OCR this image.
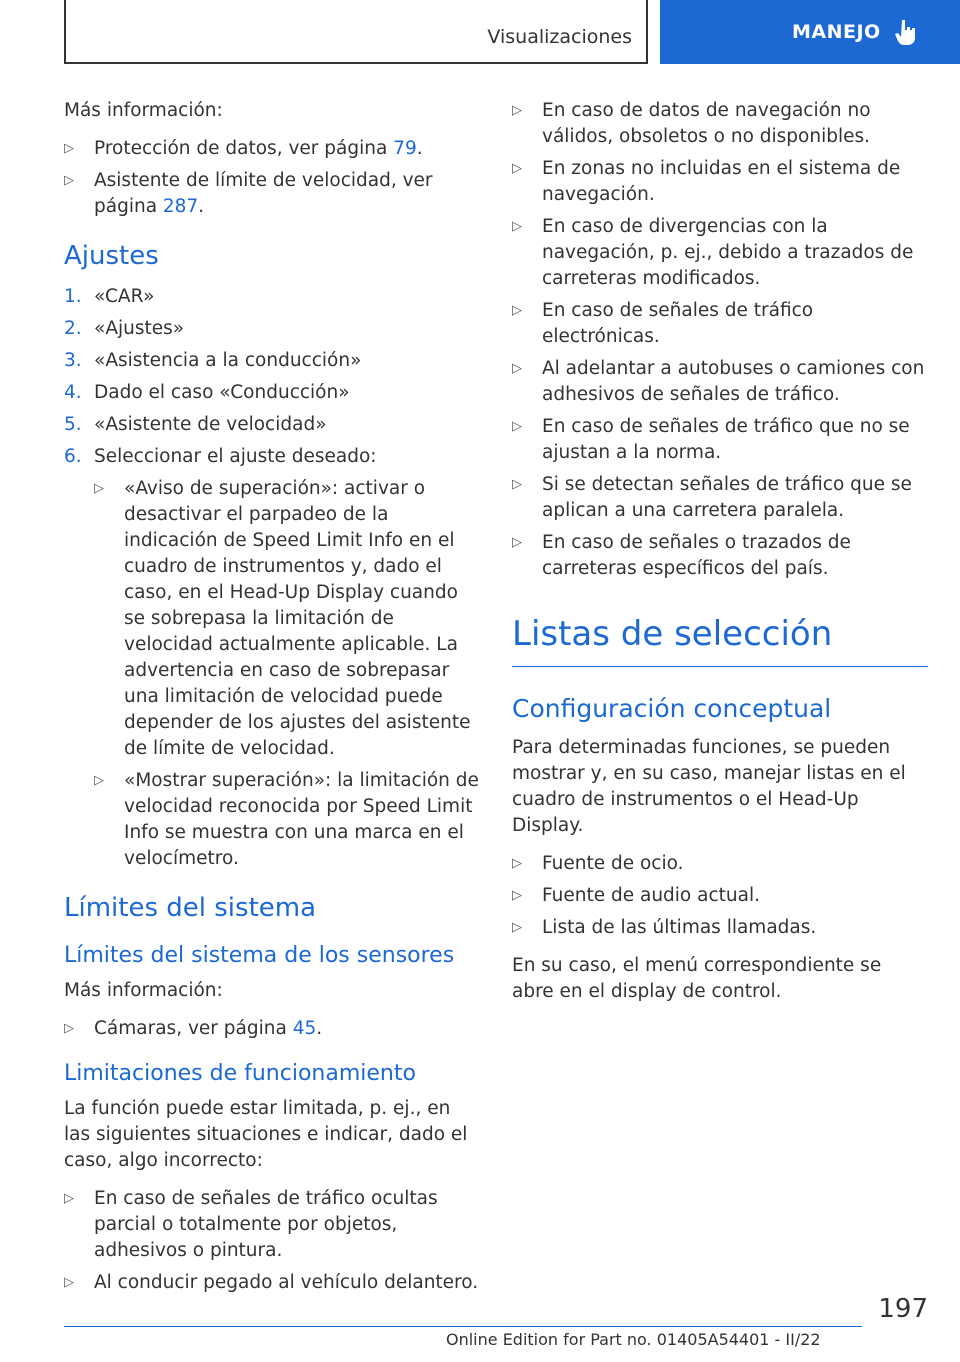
Visualizaciones	MANEJO

Más información:

▷ Protección de datos, ver página 79.
▷ Asistente de límite de velocidad, ver página 287.
Ajustes
1. «CAR»
2. «Ajustes»
3. «Asistencia a la conducción»
4. Dado el caso «Conducción»
5. «Asistente de velocidad»
6. Seleccionar el ajuste deseado:
▷ «Aviso de superación»: activar o desactivar el parpadeo de la indicación de Speed Limit Info en el cuadro de instrumentos y, dado el caso, en el Head-Up Display cuando se sobrepasa la limitación de velocidad actualmente aplicable. La advertencia en caso de sobrepasar una limitación de velocidad puede depender de los ajustes del asistente de límite de velocidad.
▷ «Mostrar superación»: la limitación de velocidad reconocida por Speed Limit Info se muestra con una marca en el velocímetro.
Límites del sistema
Límites del sistema de los sensores

Más información:

▷ Cámaras, ver página 45.
Limitaciones de funcionamiento

La función puede estar limitada, p. ej., en las siguientes situaciones e indicar, dado el caso, algo incorrecto:

▷ En caso de señales de tráfico ocultas parcial o totalmente por objetos, adhesivos o pintura.
▷ Al conducir pegado al vehículo delantero.
▷ En caso de datos de navegación no válidos, obsoletos o no disponibles.
▷ En zonas no incluidas en el sistema de navegación.
▷ En caso de divergencias con la navegación, p. ej., debido a trazados de carreteras modificados.
▷ En caso de señales de tráfico electrónicas.
▷ Al adelantar a autobuses o camiones con adhesivos de señales de tráfico.
▷ En caso de señales de tráfico que no se ajustan a la norma.
▷ Si se detectan señales de tráfico que se aplican a una carretera paralela.
▷ En caso de señales o trazados de carreteras específicos del país.
Listas de selección
Configuración conceptual

Para determinadas funciones, se pueden mostrar y, en su caso, manejar listas en el cuadro de instrumentos o el Head-Up Display.

▷ Fuente de ocio.
▷ Fuente de audio actual.
▷ Lista de las últimas llamadas.

En su caso, el menú correspondiente se abre en el display de control.

197
Online Edition for Part no. 01405A54401 - II/22
